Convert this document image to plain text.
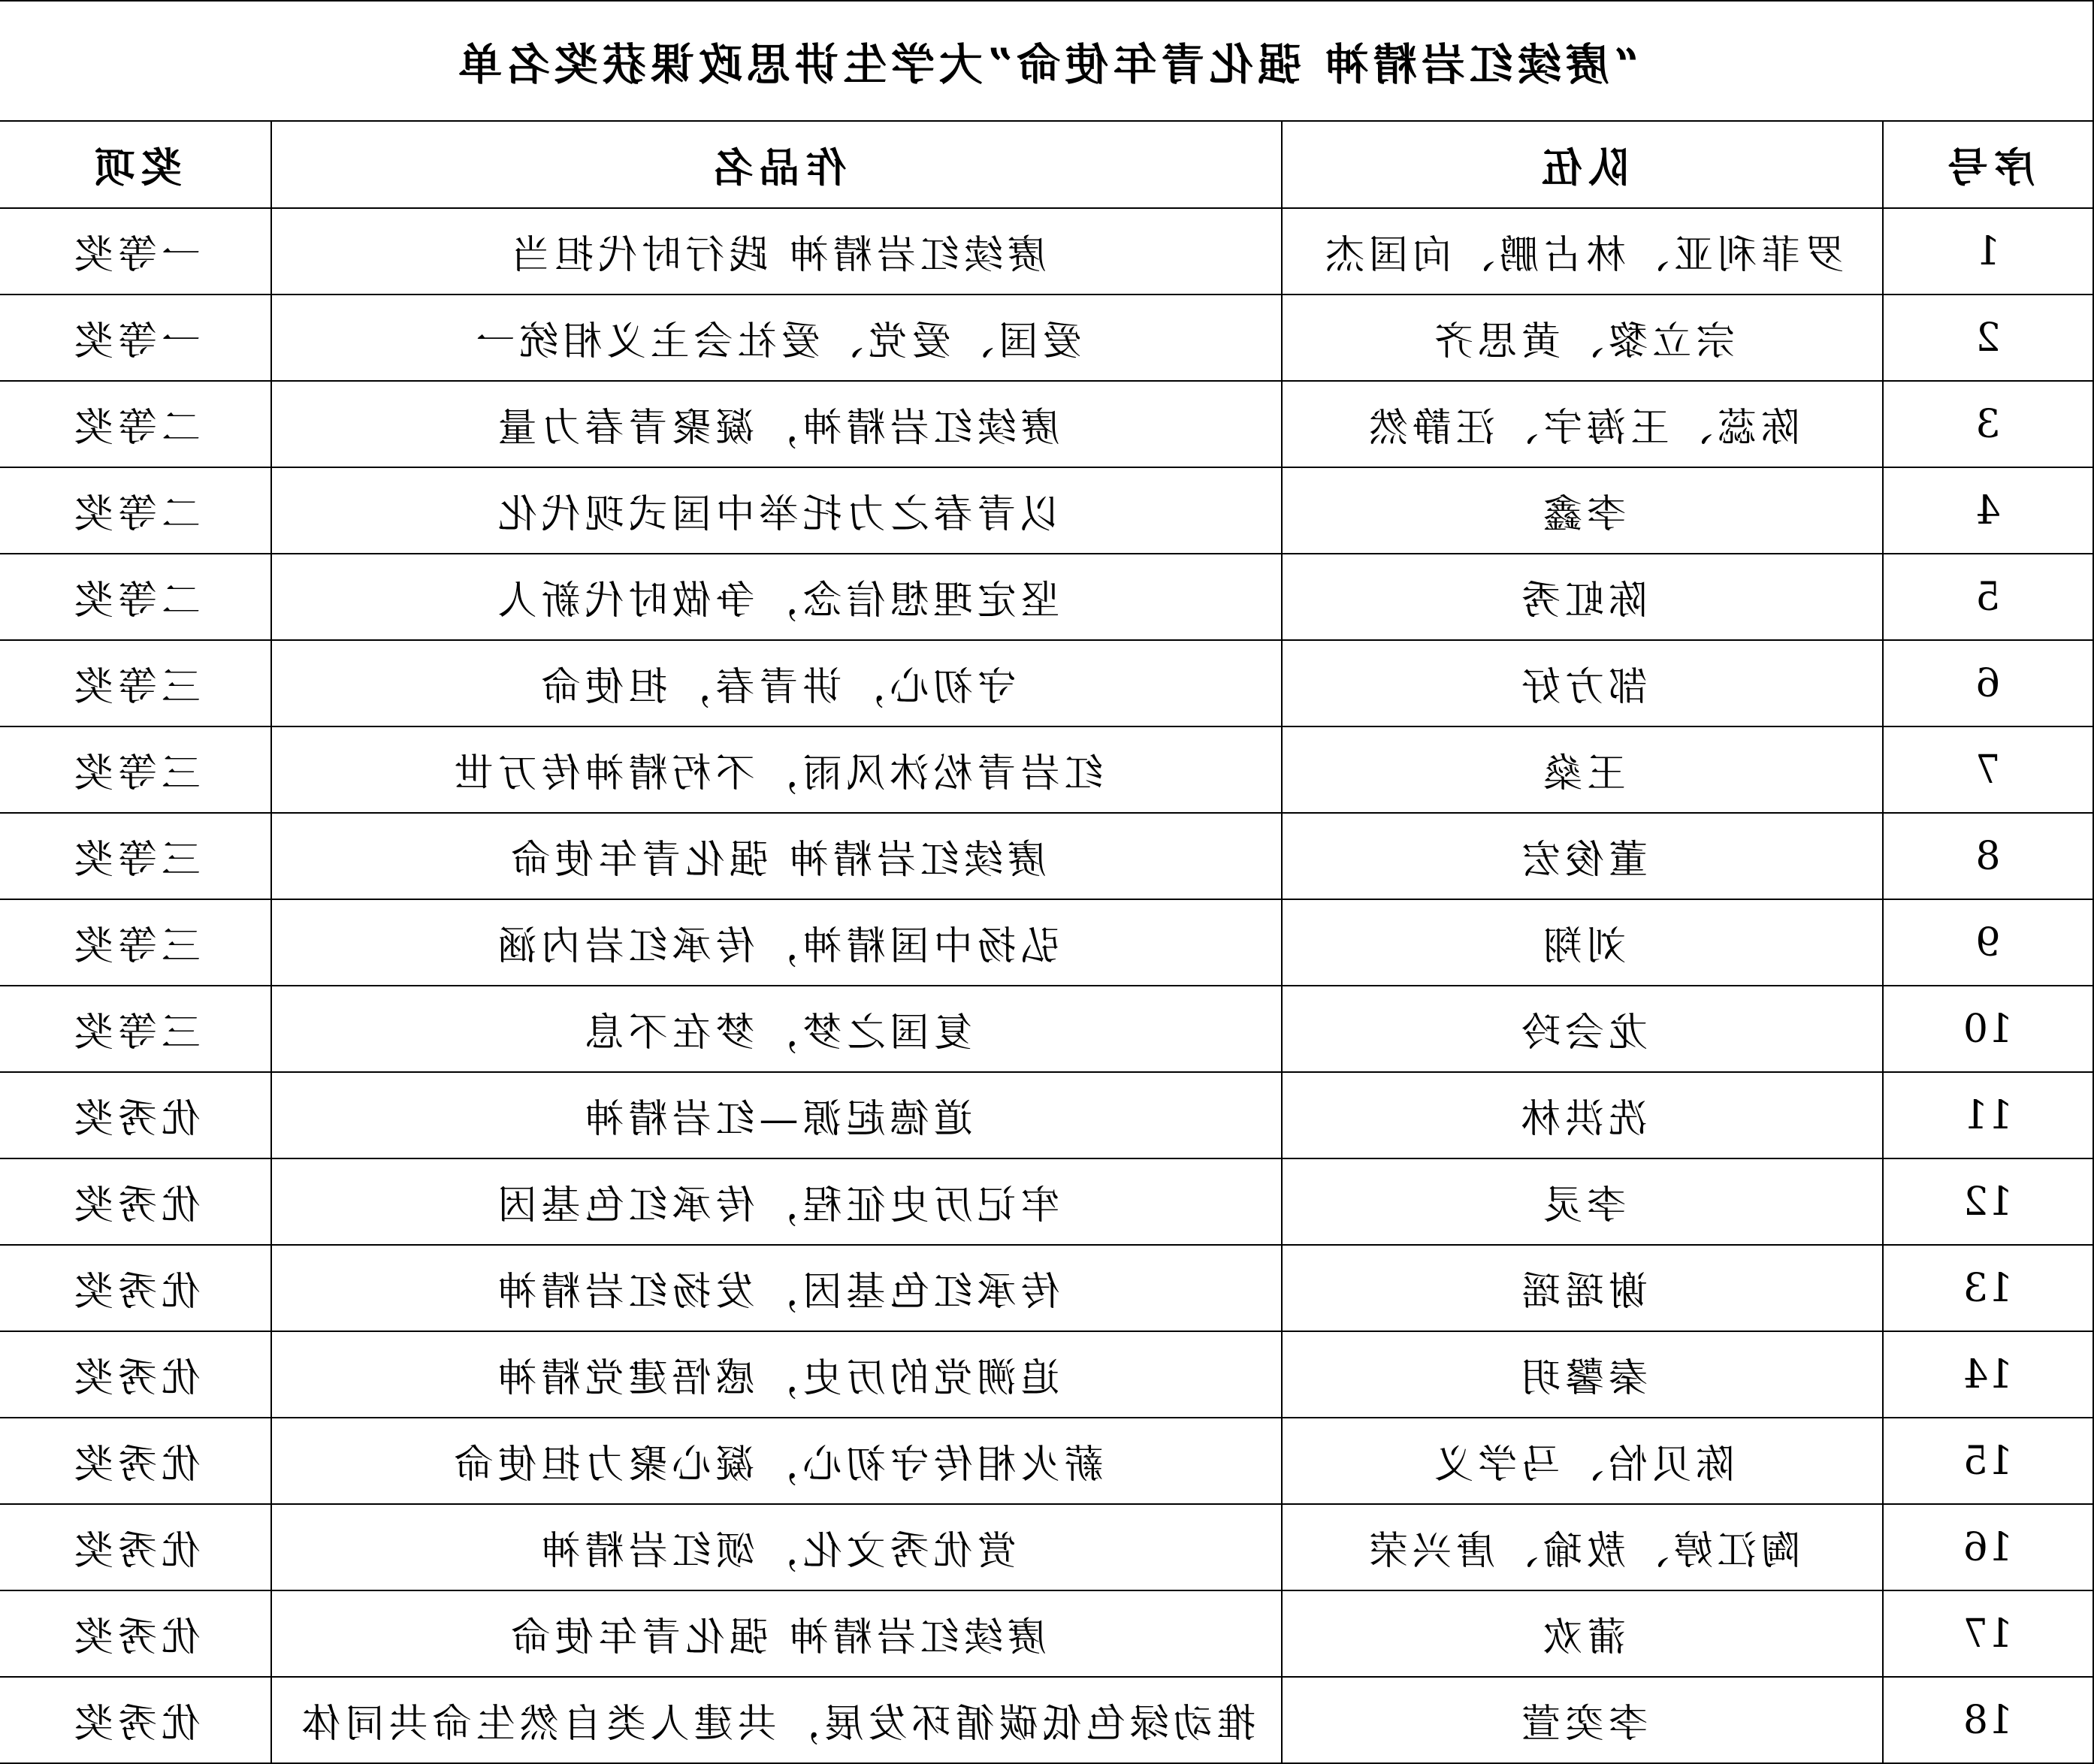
“赓续红岩精神 强化青年使命”大学生讲思政课获奖名单			
序号	队伍	作品名	奖项
1	罗菲利亚、林占鹏、向国杰	赓续红岩精神 践行时代担当	一等奖
2	宗立黎、黄思齐	爱国、爱党、爱社会主义相统一	一等奖
3	陈蕊、王海宇、汪静然	赓续红岩精神，凝聚青春力量	二等奖
4	李鑫	以青春之力托举中国式现代化	二等奖
5	陈虹秀	坚定理想信念，争做时代新人	二等奖
6	郜方好	守初心，讲青春，担使命	三等奖
7	王燊	红岩青松沐风雨，不朽精神传万世	三等奖
8	董俊宏	赓续红岩精神 强化青年使命	三等奖
9	刘翔	弘扬中国精神，传承红岩内涵	三等奖
10	龙会玲	复国之梦，梦在不息	三等奖
11	冼洪林	道德起源—红岩精神	优秀奖
12	李灵	牢记历史征程，传承红色基因	优秀奖
13	谢瑶瑶	传承红色基因，发扬红岩精神	优秀奖
14	秦馨玥	追溯党的历史，感悟建党精神	优秀奖
15	陈贝怡、马学义	薪火相传守初心，凝心聚力担使命	优秀奖
16	陶江婷、敖瑜、唐兴荣	赏优秀文化，颂红岩精神	优秀奖
17	蒲欢	赓续红岩精神 强化青年使命	优秀奖
18	李奕萱	推动绿色低碳循环发展，共建人类自然生命共同体	优秀奖
